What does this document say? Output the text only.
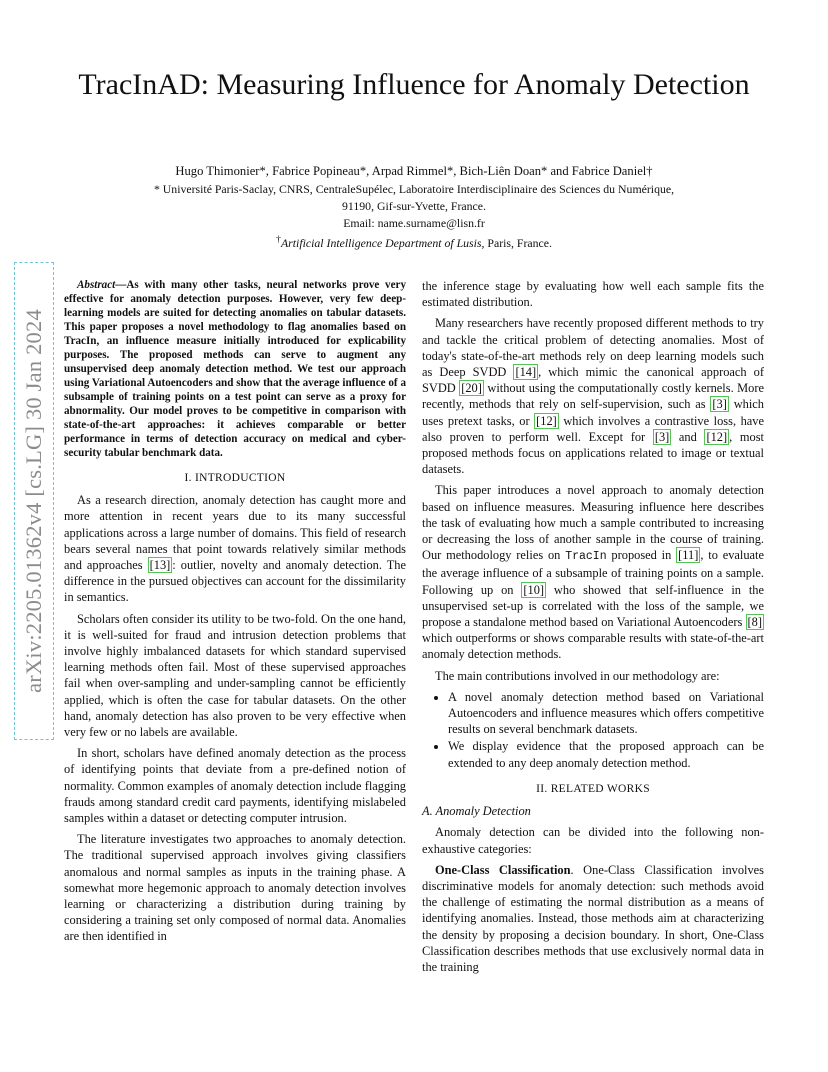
TracInAD: Measuring Influence for Anomaly Detection
Hugo Thimonier*, Fabrice Popineau*, Arpad Rimmel*, Bich-Liên Doan* and Fabrice Daniel†
* Université Paris-Saclay, CNRS, CentraleSupélec, Laboratoire Interdisciplinaire des Sciences du Numérique,
91190, Gif-sur-Yvette, France.
Email: name.surname@lisn.fr
†Artificial Intelligence Department of Lusis, Paris, France.
arXiv:2205.01362v4 [cs.LG] 30 Jan 2024

Abstract—As with many other tasks, neural networks prove very effective for anomaly detection purposes. However, very few deep-learning models are suited for detecting anomalies on tabular datasets. This paper proposes a novel methodology to flag anomalies based on TracIn, an influence measure initially introduced for explicability purposes. The proposed methods can serve to augment any unsupervised deep anomaly detection method. We test our approach using Variational Autoencoders and show that the average influence of a subsample of training points on a test point can serve as a proxy for abnormality. Our model proves to be competitive in comparison with state-of-the-art approaches: it achieves comparable or better performance in terms of detection accuracy on medical and cyber-security tabular benchmark data.

I. INTRODUCTION

As a research direction, anomaly detection has caught more and more attention in recent years due to its many successful applications across a large number of domains. This field of research bears several names that point towards relatively similar methods and approaches [13] : outlier, novelty and anomaly detection. The difference in the pursued objectives can account for the dissimilarity in semantics.

Scholars often consider its utility to be two-fold. On the one hand, it is well-suited for fraud and intrusion detection problems that involve highly imbalanced datasets for which standard supervised learning methods often fail. Most of these supervised approaches fail when over-sampling and under-sampling cannot be efficiently applied, which is often the case for tabular datasets. On the other hand, anomaly detection has also proven to be very effective when very few or no labels are available.

In short, scholars have defined anomaly detection as the process of identifying points that deviate from a pre-defined notion of normality. Common examples of anomaly detection include flagging frauds among standard credit card payments, identifying mislabeled samples within a dataset or detecting computer intrusion.

The literature investigates two approaches to anomaly detection. The traditional supervised approach involves giving classifiers anomalous and normal samples as inputs in the training phase. A somewhat more hegemonic approach to anomaly detection involves learning or characterizing a distribution during training by considering a training set only composed of normal data. Anomalies are then identified in

the inference stage by evaluating how well each sample fits the estimated distribution.

Many researchers have recently proposed different methods to try and tackle the critical problem of detecting anomalies. Most of today's state-of-the-art methods rely on deep learning models such as Deep SVDD [14] , which mimic the canonical approach of SVDD [20] without using the computationally costly kernels. More recently, methods that rely on self-supervision, such as [3] which uses pretext tasks, or [12] which involves a contrastive loss, have also proven to perform well. Except for [3] and [12] , most proposed methods focus on applications related to image or textual datasets.

This paper introduces a novel approach to anomaly detection based on influence measures. Measuring influence here describes the task of evaluating how much a sample contributed to increasing or decreasing the loss of another sample in the course of training. Our methodology relies on TracIn proposed in [11] , to evaluate the average influence of a subsample of training points on a sample. Following up on [10] who showed that self-influence in the unsupervised set-up is correlated with the loss of the sample, we propose a standalone method based on Variational Autoencoders [8] which outperforms or shows comparable results with state-of-the-art anomaly detection methods.

The main contributions involved in our methodology are:

• A novel anomaly detection method based on Variational Autoencoders and influence measures which offers competitive results on several benchmark datasets.
• We display evidence that the proposed approach can be extended to any deep anomaly detection method.
II. RELATED WORKS
A. Anomaly Detection

Anomaly detection can be divided into the following non-exhaustive categories:

One-Class Classification. One-Class Classification involves discriminative models for anomaly detection: such methods avoid the challenge of estimating the normal distribution as a means of identifying anomalies. Instead, those methods aim at characterizing the density by proposing a decision boundary. In short, One-Class Classification describes methods that use exclusively normal data in the training
